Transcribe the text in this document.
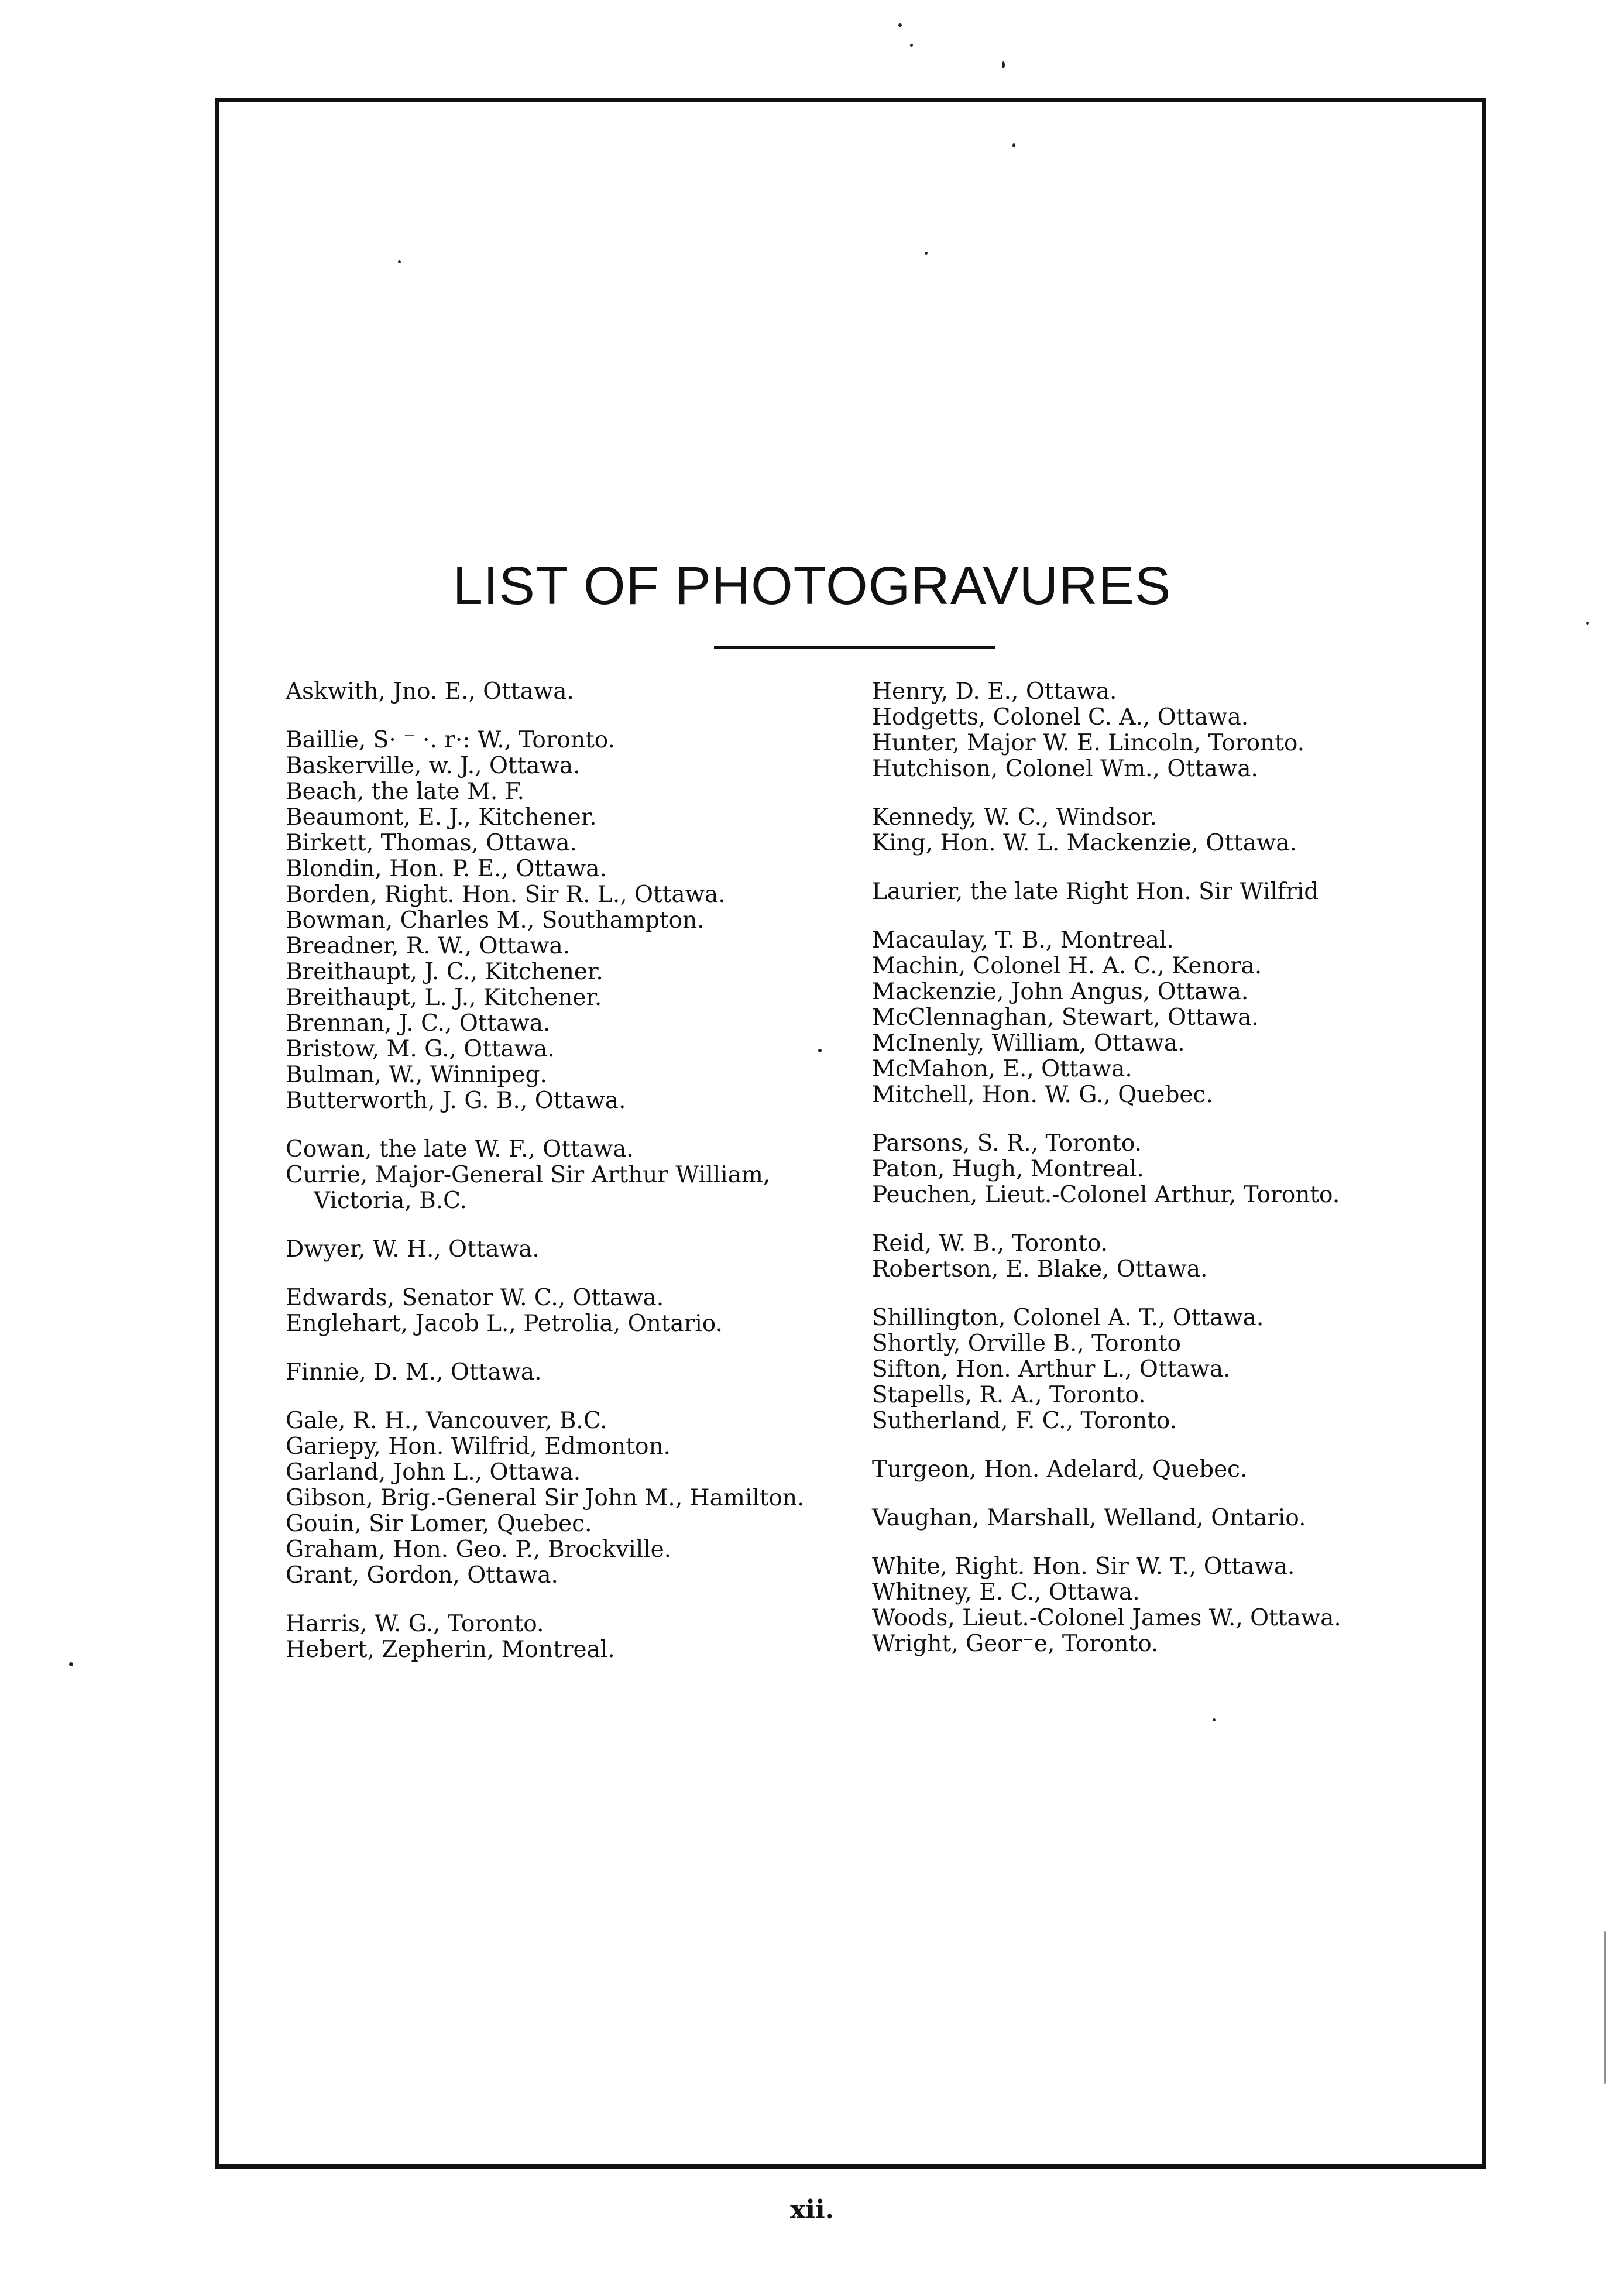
LIST OF PHOTOGRAVURES
Askwith, Jno. E., Ottawa.
Baillie, S· ⁻ ·. r·: W., Toronto.
Baskerville, w. J., Ottawa.
Beach, the late M. F.
Beaumont, E. J., Kitchener.
Birkett, Thomas, Ottawa.
Blondin, Hon. P. E., Ottawa.
Borden, Right. Hon. Sir R. L., Ottawa.
Bowman, Charles M., Southampton.
Breadner, R. W., Ottawa.
Breithaupt, J. C., Kitchener.
Breithaupt, L. J., Kitchener.
Brennan, J. C., Ottawa.
Bristow, M. G., Ottawa.
Bulman, W., Winnipeg.
Butterworth, J. G. B., Ottawa.
Cowan, the late W. F., Ottawa.
Currie, Major-General Sir Arthur William,
Victoria, B.C.
Dwyer, W. H., Ottawa.
Edwards, Senator W. C., Ottawa.
Englehart, Jacob L., Petrolia, Ontario.
Finnie, D. M., Ottawa.
Gale, R. H., Vancouver, B.C.
Gariepy, Hon. Wilfrid, Edmonton.
Garland, John L., Ottawa.
Gibson, Brig.-General Sir John M., Hamilton.
Gouin, Sir Lomer, Quebec.
Graham, Hon. Geo. P., Brockville.
Grant, Gordon, Ottawa.
Harris, W. G., Toronto.
Hebert, Zepherin, Montreal.
Henry, D. E., Ottawa.
Hodgetts, Colonel C. A., Ottawa.
Hunter, Major W. E. Lincoln, Toronto.
Hutchison, Colonel Wm., Ottawa.
Kennedy, W. C., Windsor.
King, Hon. W. L. Mackenzie, Ottawa.
Laurier, the late Right Hon. Sir Wilfrid
Macaulay, T. B., Montreal.
Machin, Colonel H. A. C., Kenora.
Mackenzie, John Angus, Ottawa.
McClennaghan, Stewart, Ottawa.
McInenly, William, Ottawa.
McMahon, E., Ottawa.
Mitchell, Hon. W. G., Quebec.
Parsons, S. R., Toronto.
Paton, Hugh, Montreal.
Peuchen, Lieut.-Colonel Arthur, Toronto.
Reid, W. B., Toronto.
Robertson, E. Blake, Ottawa.
Shillington, Colonel A. T., Ottawa.
Shortly, Orville B., Toronto
Sifton, Hon. Arthur L., Ottawa.
Stapells, R. A., Toronto.
Sutherland, F. C., Toronto.
Turgeon, Hon. Adelard, Quebec.
Vaughan, Marshall, Welland, Ontario.
White, Right. Hon. Sir W. T., Ottawa.
Whitney, E. C., Ottawa.
Woods, Lieut.-Colonel James W., Ottawa.
Wright, Geor⁻e, Toronto.
xii.
